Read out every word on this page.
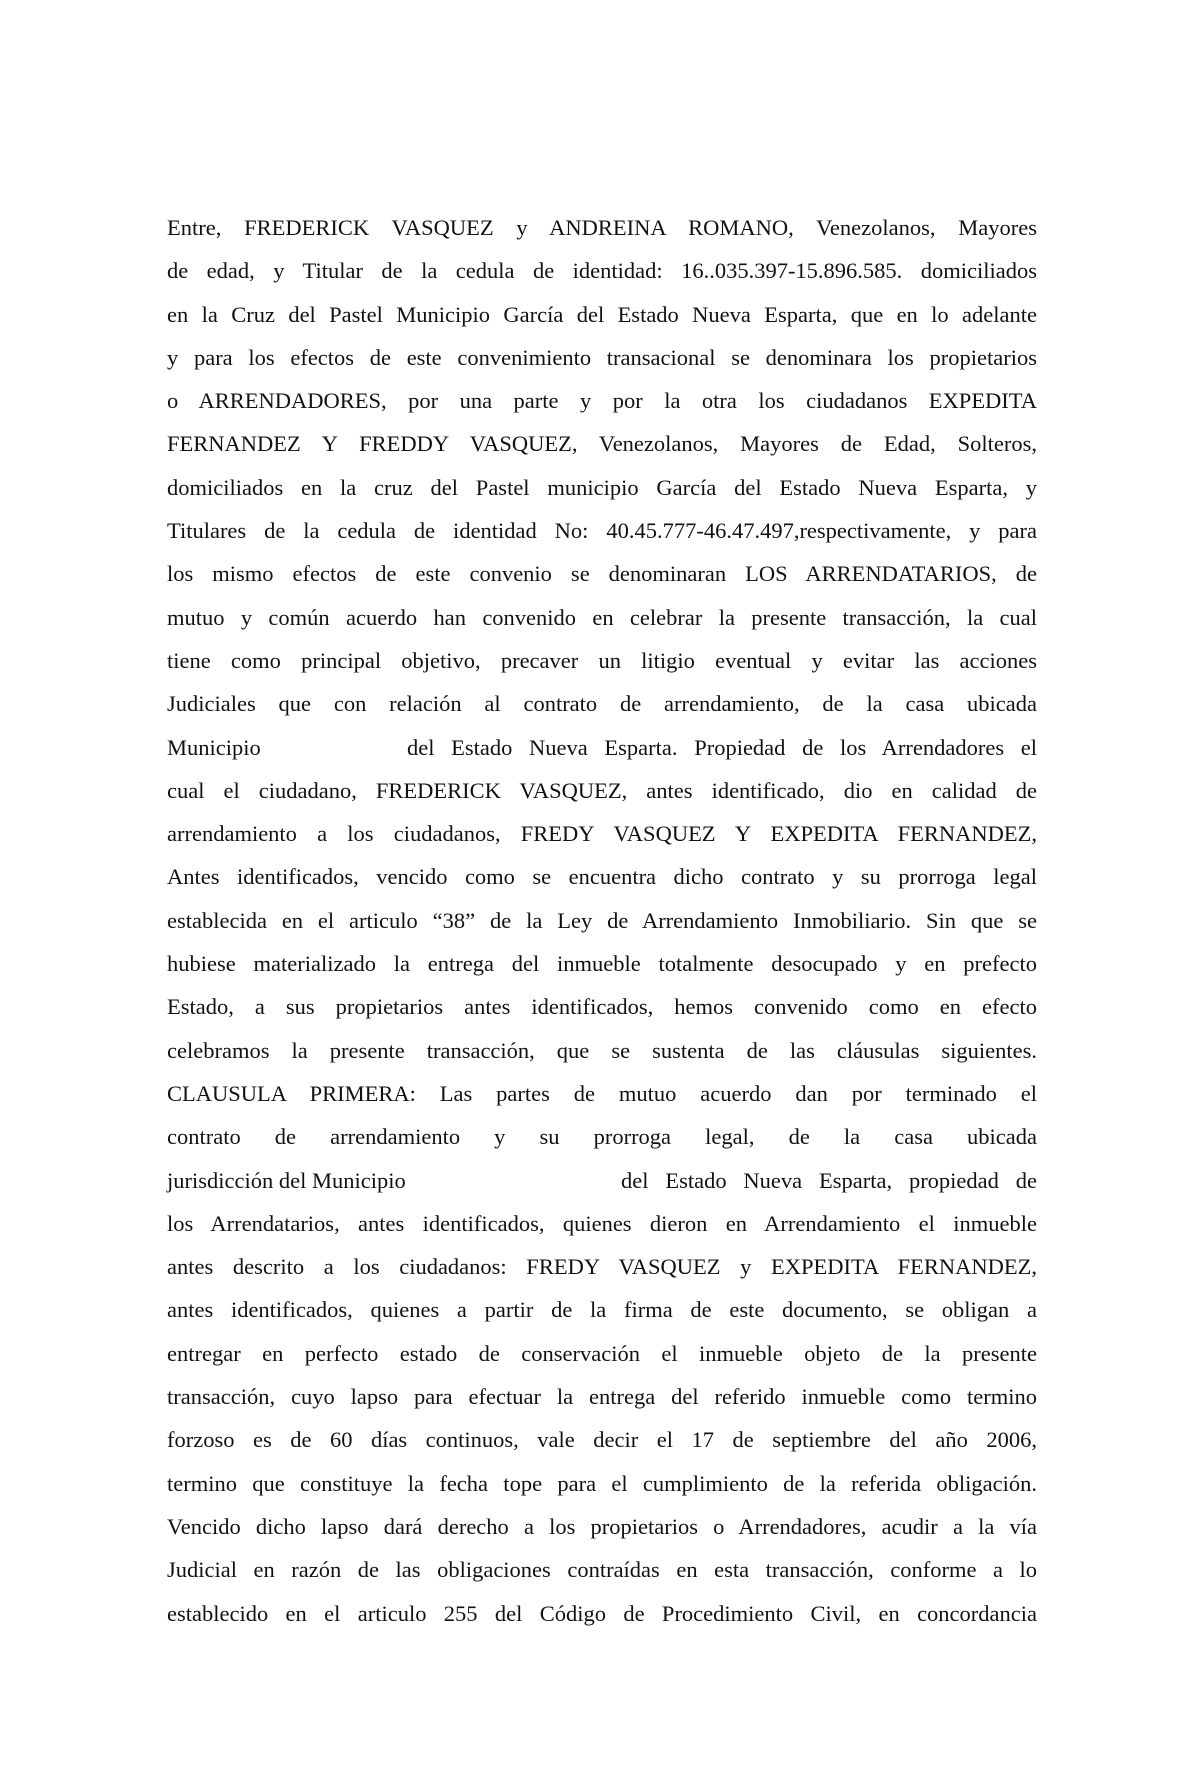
Entre, FREDERICK VASQUEZ y ANDREINA ROMANO, Venezolanos, Mayores
de edad, y Titular de la cedula de identidad: 16..035.397-15.896.585. domiciliados
en la Cruz del Pastel Municipio García del Estado Nueva Esparta, que en lo adelante
y para los efectos de este convenimiento transacional se denominara los propietarios
o ARRENDADORES, por una parte y por la otra los ciudadanos EXPEDITA
FERNANDEZ Y FREDDY VASQUEZ, Venezolanos, Mayores de Edad, Solteros,
domiciliados en la cruz del Pastel municipio García del Estado Nueva Esparta, y
Titulares de la cedula de identidad No: 40.45.777-46.47.497,respectivamente, y para
los mismo efectos de este convenio se denominaran LOS ARRENDATARIOS, de
mutuo y común acuerdo han convenido en celebrar la presente transacción, la cual
tiene como principal objetivo, precaver un litigio eventual y evitar las acciones
Judiciales que con relación al contrato de arrendamiento, de la casa ubicada
Municipio	del Estado Nueva Esparta. Propiedad de los Arrendadores el
cual el ciudadano, FREDERICK VASQUEZ, antes identificado, dio en calidad de
arrendamiento a los ciudadanos, FREDY VASQUEZ Y EXPEDITA FERNANDEZ,
Antes identificados, vencido como se encuentra dicho contrato y su prorroga legal
establecida en el articulo “38” de la Ley de Arrendamiento Inmobiliario. Sin que se
hubiese materializado la entrega del inmueble totalmente desocupado y en prefecto
Estado, a sus propietarios antes identificados, hemos convenido como en efecto
celebramos la presente transacción, que se sustenta de las cláusulas siguientes.
CLAUSULA PRIMERA: Las partes de mutuo acuerdo dan por terminado el
contrato de arrendamiento y su prorroga legal, de la casa ubicada
jurisdicción del Municipio	del Estado Nueva Esparta, propiedad de
los Arrendatarios, antes identificados, quienes dieron en Arrendamiento el inmueble
antes descrito a los ciudadanos: FREDY VASQUEZ y EXPEDITA FERNANDEZ,
antes identificados, quienes a partir de la firma de este documento, se obligan a
entregar en perfecto estado de conservación el inmueble objeto de la presente
transacción, cuyo lapso para efectuar la entrega del referido inmueble como termino
forzoso es de 60 días continuos, vale decir el 17 de septiembre del año 2006,
termino que constituye la fecha tope para el cumplimiento de la referida obligación.
Vencido dicho lapso dará derecho a los propietarios o Arrendadores, acudir a la vía
Judicial en razón de las obligaciones contraídas en esta transacción, conforme a lo
establecido en el articulo 255 del Código de Procedimiento Civil, en concordancia
